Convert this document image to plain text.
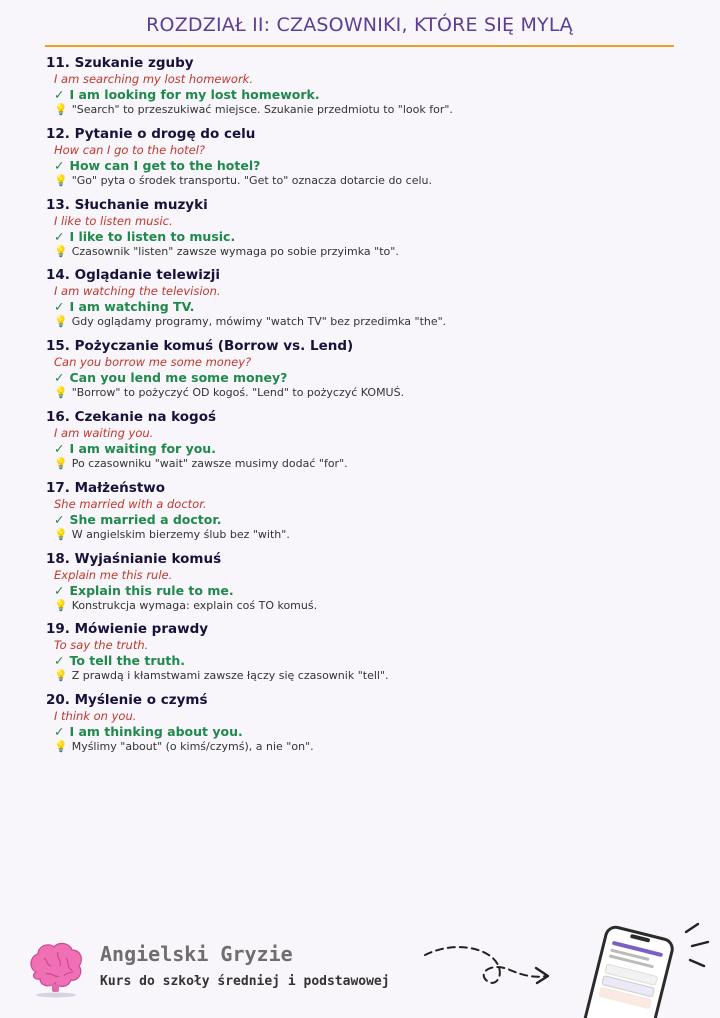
ROZDZIAŁ II: CZASOWNIKI, KTÓRE SIĘ MYLĄ
11. Szukanie zguby
I am searching my lost homework.
✓ I am looking for my lost homework.
💡 "Search" to przeszukiwać miejsce. Szukanie przedmiotu to "look for".
12. Pytanie o drogę do celu
How can I go to the hotel?
✓ How can I get to the hotel?
💡 "Go" pyta o środek transportu. "Get to" oznacza dotarcie do celu.
13. Słuchanie muzyki
I like to listen music.
✓ I like to listen to music.
💡 Czasownik "listen" zawsze wymaga po sobie przyimka "to".
14. Oglądanie telewizji
I am watching the television.
✓ I am watching TV.
💡 Gdy oglądamy programy, mówimy "watch TV" bez przedimka "the".
15. Pożyczanie komuś (Borrow vs. Lend)
Can you borrow me some money?
✓ Can you lend me some money?
💡 "Borrow" to pożyczyć OD kogoś. "Lend" to pożyczyć KOMUŚ.
16. Czekanie na kogoś
I am waiting you.
✓ I am waiting for you.
💡 Po czasowniku "wait" zawsze musimy dodać "for".
17. Małżeństwo
She married with a doctor.
✓ She married a doctor.
💡 W angielskim bierzemy ślub bez "with".
18. Wyjaśnianie komuś
Explain me this rule.
✓ Explain this rule to me.
💡 Konstrukcja wymaga: explain coś TO komuś.
19. Mówienie prawdy
To say the truth.
✓ To tell the truth.
💡 Z prawdą i kłamstwami zawsze łączy się czasownik "tell".
20. Myślenie o czymś
I think on you.
✓ I am thinking about you.
💡 Myślimy "about" (o kimś/czymś), a nie "on".
Angielski Gryzie
Kurs do szkoły średniej i podstawowej
